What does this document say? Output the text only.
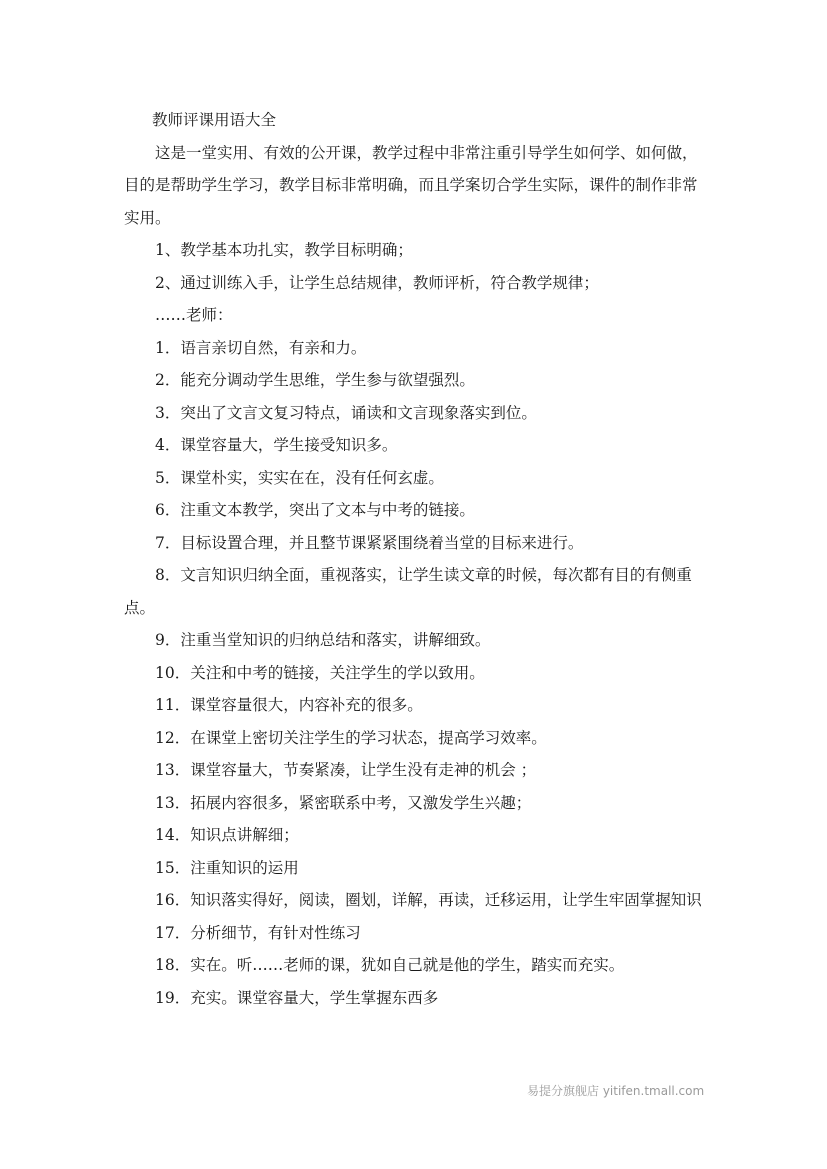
教师评课用语大全

这是一堂实用、有效的公开课，教学过程中非常注重引导学生如何学、如何做，目的是帮助学生学习，教学目标非常明确，而且学案切合学生实际，课件的制作非常实用。

1、教学基本功扎实，教学目标明确；

2、通过训练入手，让学生总结规律，教师评析，符合教学规律；

……老师：

1．语言亲切自然，有亲和力。

2．能充分调动学生思维，学生参与欲望强烈。

3．突出了文言文复习特点，诵读和文言现象落实到位。

4．课堂容量大，学生接受知识多。

5．课堂朴实，实实在在，没有任何玄虚。

6．注重文本教学，突出了文本与中考的链接。

7．目标设置合理，并且整节课紧紧围绕着当堂的目标来进行。

8．文言知识归纳全面，重视落实，让学生读文章的时候，每次都有目的有侧重点。

9．注重当堂知识的归纳总结和落实，讲解细致。

10．关注和中考的链接，关注学生的学以致用。

11．课堂容量很大，内容补充的很多。

12．在课堂上密切关注学生的学习状态，提高学习效率。

13．课堂容量大，节奏紧凑，让学生没有走神的机会 ；

13．拓展内容很多，紧密联系中考，又激发学生兴趣；

14．知识点讲解细；

15．注重知识的运用

16．知识落实得好，阅读，圈划，详解，再读，迁移运用，让学生牢固掌握知识

17．分析细节，有针对性练习

18．实在。听……老师的课，犹如自己就是他的学生，踏实而充实。

19．充实。课堂容量大，学生掌握东西多

易提分旗舰店 yitifen.tmall.com
